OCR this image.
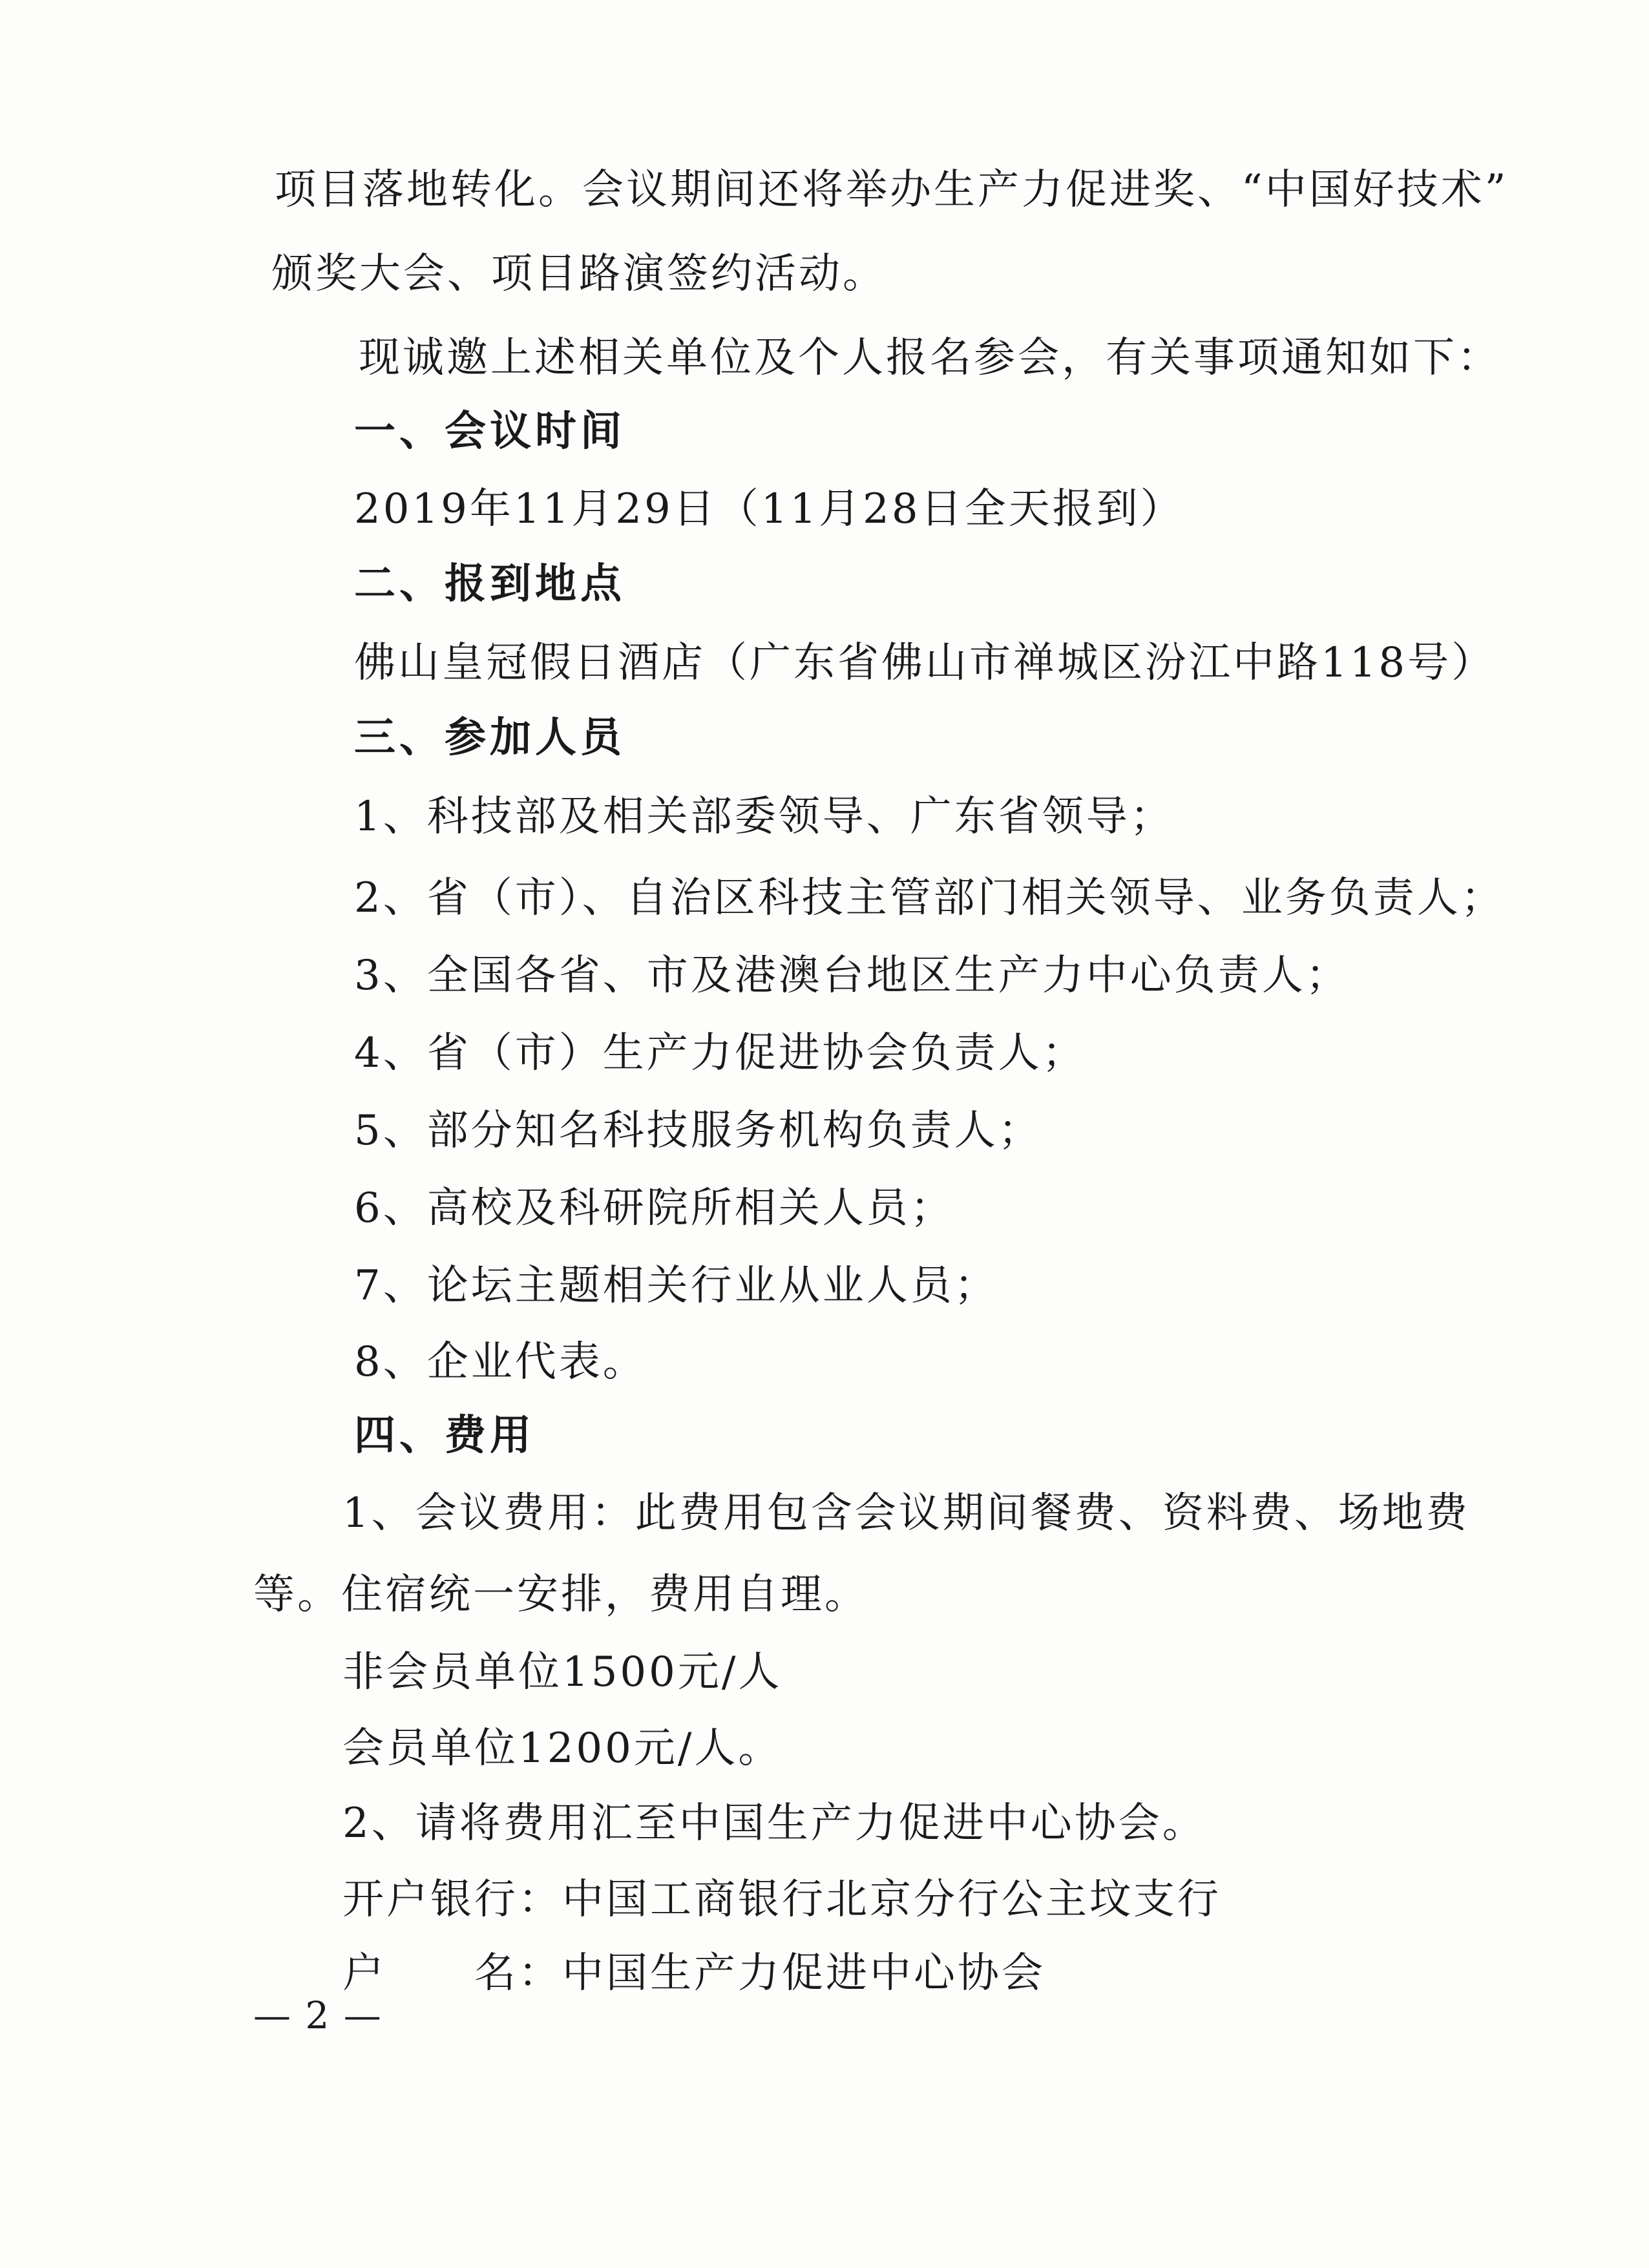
项目落地转化。会议期间还将举办生产力促进奖、“中国好技术”
颁奖大会、项目路演签约活动。
现诚邀上述相关单位及个人报名参会，有关事项通知如下：
一、会议时间
2019年11月29日（11月28日全天报到）
二、报到地点
佛山皇冠假日酒店（广东省佛山市禅城区汾江中路118号）
三、参加人员
1、科技部及相关部委领导、广东省领导；
2、省（市）、自治区科技主管部门相关领导、业务负责人；
3、全国各省、市及港澳台地区生产力中心负责人；
4、省（市）生产力促进协会负责人；
5、部分知名科技服务机构负责人；
6、高校及科研院所相关人员；
7、论坛主题相关行业从业人员；
8、企业代表。
四、费用
1、会议费用：此费用包含会议期间餐费、资料费、场地费
等。住宿统一安排，费用自理。
非会员单位1500元/人
会员单位1200元/人。
2、请将费用汇至中国生产力促进中心协会。
开户银行：中国工商银行北京分行公主坟支行
户　　名：中国生产力促进中心协会
— 2 —
